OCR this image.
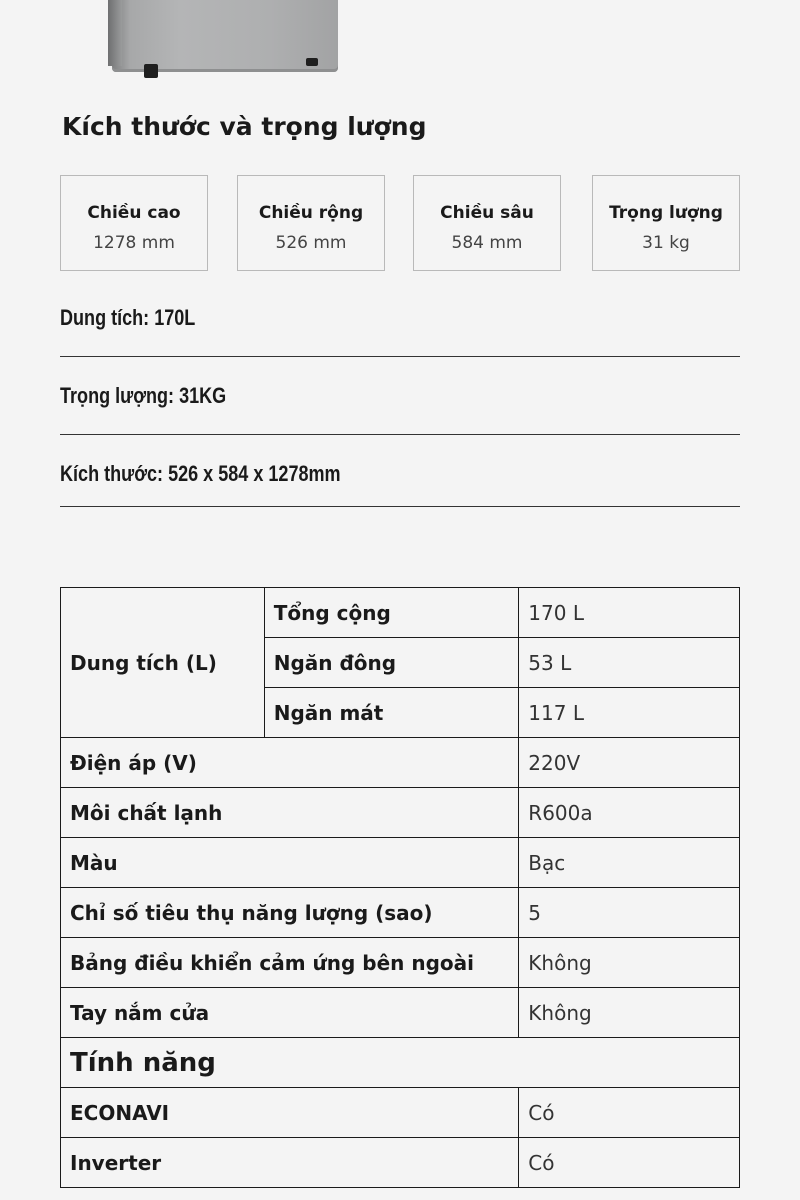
Kích thước và trọng lượng
Chiều cao
1278 mm
Chiều rộng
526 mm
Chiều sâu
584 mm
Trọng lượng
31 kg
Dung tích: 170L
Trọng lượng: 31KG
Kích thước: 526 x 584 x 1278mm
Dung tích (L)	Tổng cộng	170 L
	Ngăn đông	53 L
	Ngăn mát	117 L
Điện áp (V)		220V
Môi chất lạnh		R600a
Màu		Bạc
Chỉ số tiêu thụ năng lượng (sao)		5
Bảng điều khiển cảm ứng bên ngoài		Không
Tay nắm cửa		Không
Tính năng		
ECONAVI		Có
Inverter		Có
